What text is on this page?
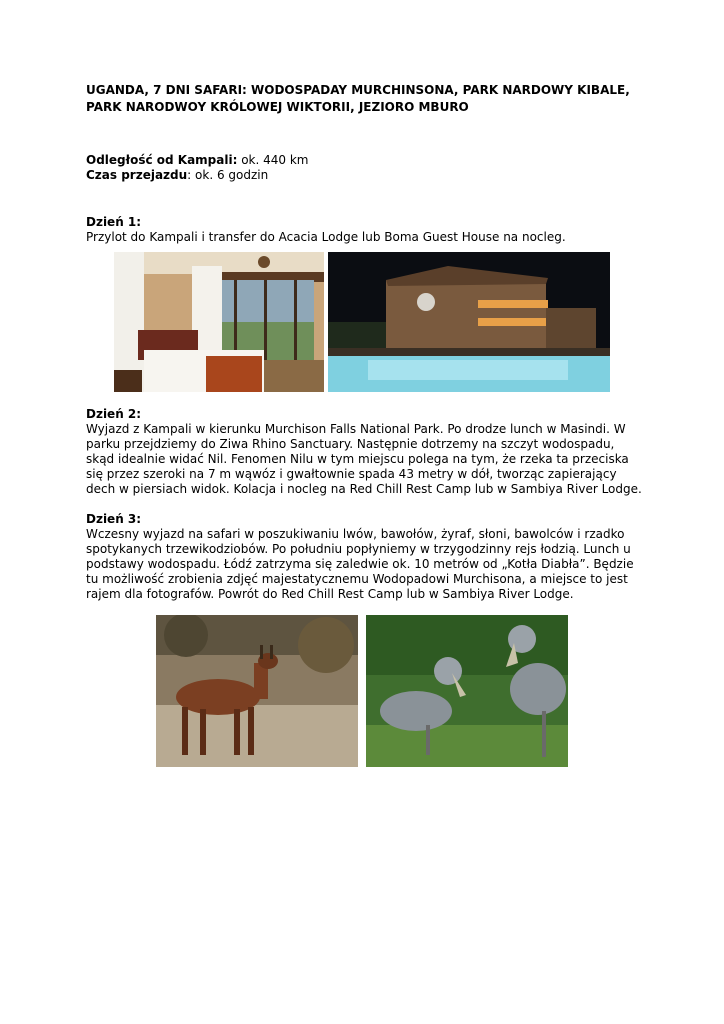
UGANDA, 7 DNI SAFARI: WODOSPADAY MURCHINSONA, PARK NARDOWY KIBALE, PARK NARODWOY KRÓLOWEJ WIKTORII, JEZIORO MBURO

Odległość od Kampali: ok. 440 km

Czas przejazdu: ok. 6 godzin

Dzień 1:

Przylot do Kampali i transfer do Acacia Lodge lub Boma Guest House na nocleg.

Dzień 2:

Wyjazd z Kampali w kierunku Murchison Falls National Park. Po drodze lunch w Masindi. W parku przejdziemy do Ziwa Rhino Sanctuary. Następnie dotrzemy na szczyt wodospadu, skąd idealnie widać Nil. Fenomen Nilu w tym miejscu polega na tym, że rzeka ta przeciska się przez szeroki na 7 m wąwóz i gwałtownie spada 43 metry w dół, tworząc zapierający dech w piersiach widok. Kolacja i nocleg na Red Chill Rest Camp lub w Sambiya River Lodge.

Dzień 3:

Wczesny wyjazd na safari w poszukiwaniu lwów, bawołów, żyraf, słoni, bawolców i rzadko spotykanych trzewikodziobów. Po południu popłyniemy w trzygodzinny rejs łodzią. Lunch u podstawy wodospadu. Łódź zatrzyma się zaledwie ok. 10 metrów od „Kotła Diabła”. Będzie tu możliwość zrobienia zdjęć majestatycznemu Wodopadowi Murchisona, a miejsce to jest rajem dla fotografów. Powrót do Red Chill Rest Camp lub w Sambiya River Lodge.
